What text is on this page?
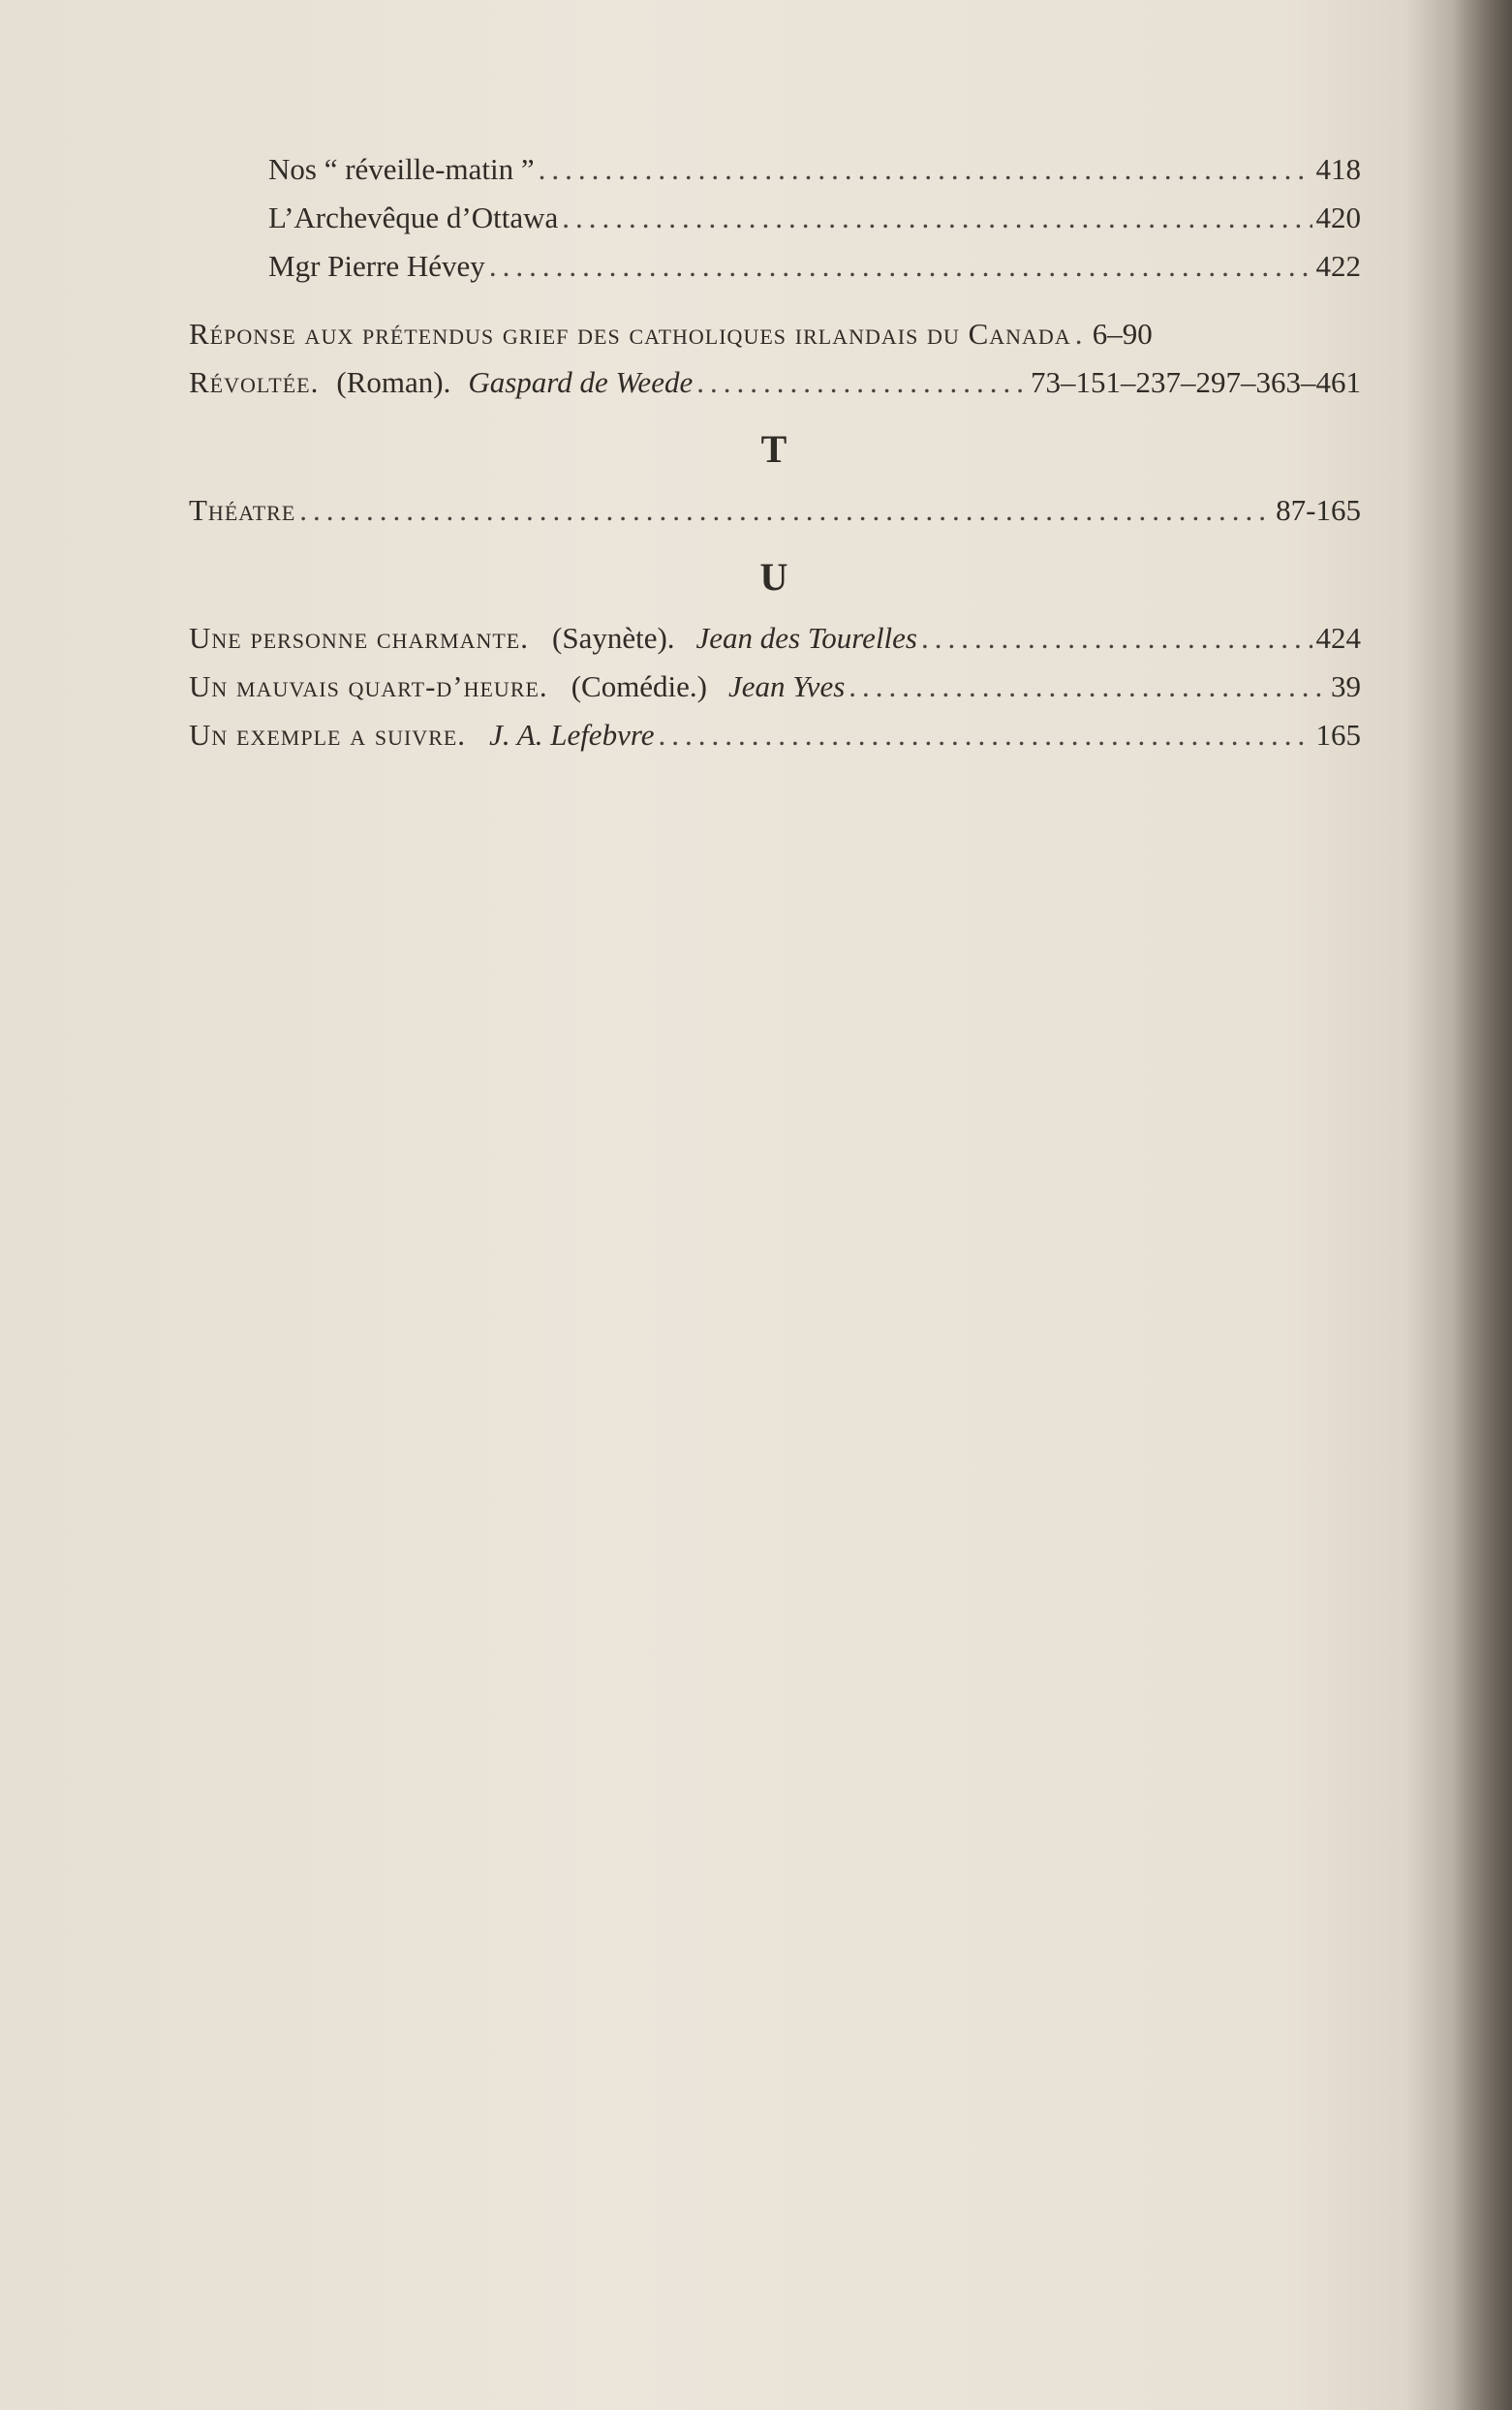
Nos “ réveille-matin ” .....	418
L’Archevêque d’Ottawa .....	420
Mgr Pierre Hévey .....	422
Réponse aux prétendus grief des catholiques irlandais du Canada ..... 6–90
Révoltée. (Roman). Gaspard de Weede .....	73–151–237–297–363–461
T
Théatre .....	87-165
U
Une personne charmante. (Saynète). Jean des Tourelles .....	424
Un mauvais quart-d’heure. (Comédie.) Jean Yves .....	39
Un exemple a suivre. J. A. Lefebvre .....	165
